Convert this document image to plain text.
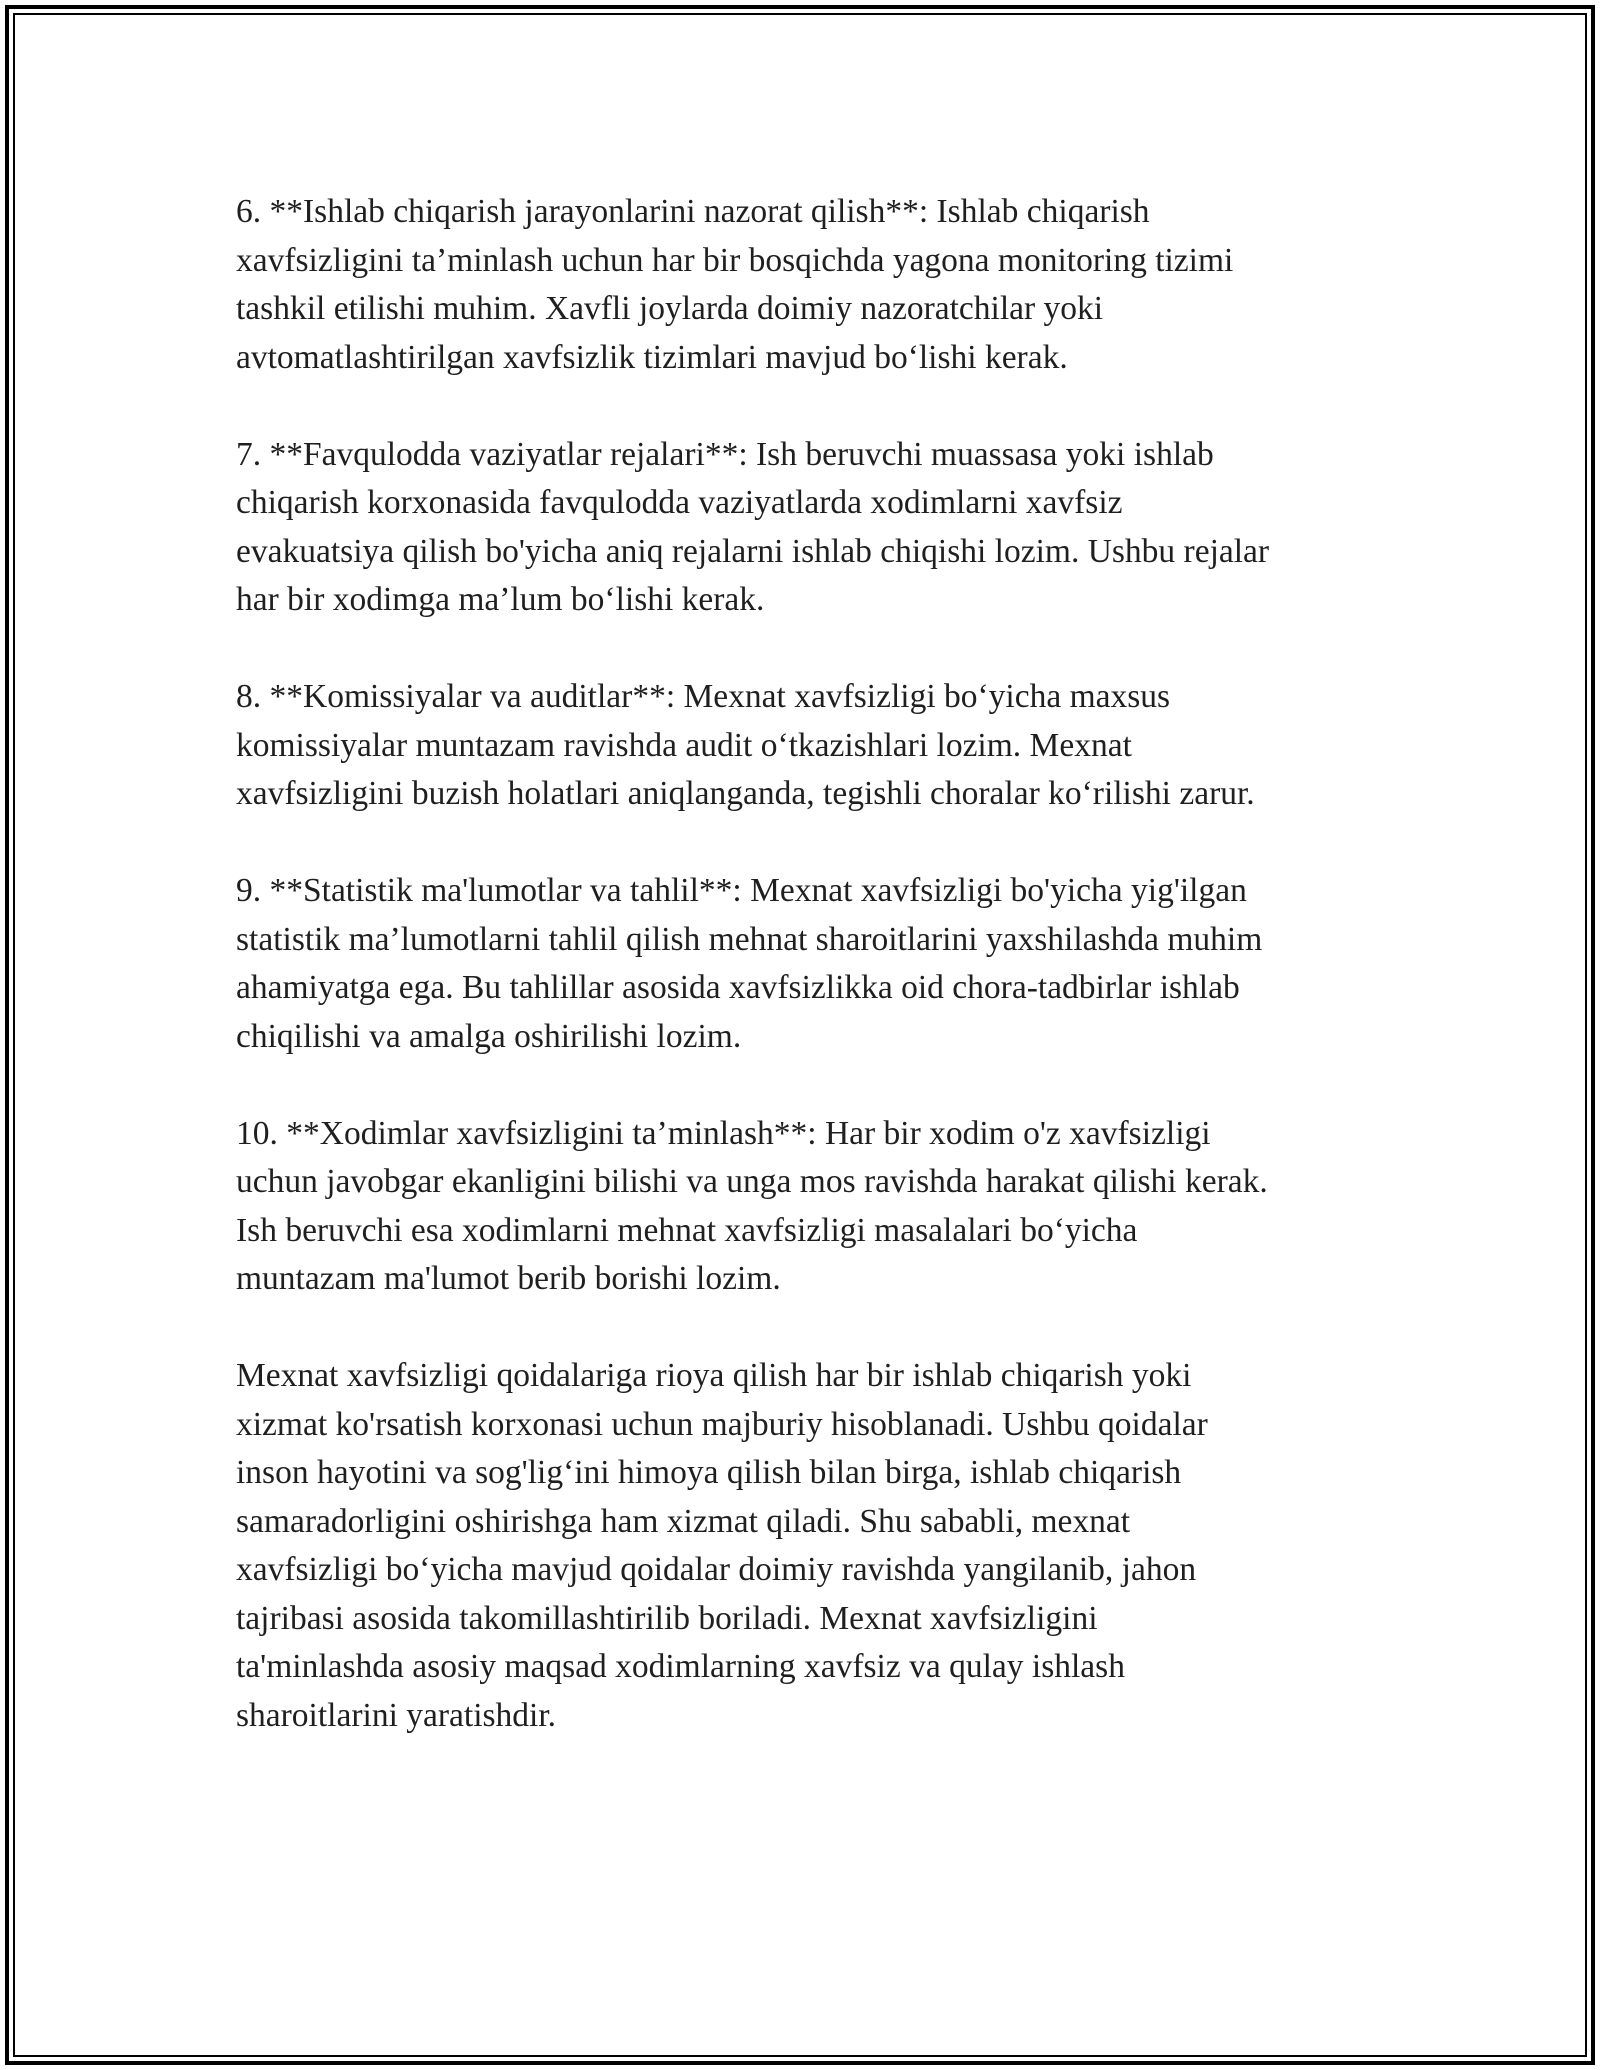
6. **Ishlab chiqarish jarayonlarini nazorat qilish**: Ishlab chiqarish
xavfsizligini ta’minlash uchun har bir bosqichda yagona monitoring tizimi
tashkil etilishi muhim. Xavfli joylarda doimiy nazoratchilar yoki
avtomatlashtirilgan xavfsizlik tizimlari mavjud bo‘lishi kerak.

7. **Favqulodda vaziyatlar rejalari**: Ish beruvchi muassasa yoki ishlab
chiqarish korxonasida favqulodda vaziyatlarda xodimlarni xavfsiz
evakuatsiya qilish bo'yicha aniq rejalarni ishlab chiqishi lozim. Ushbu rejalar
har bir xodimga ma’lum bo‘lishi kerak.

8. **Komissiyalar va auditlar**: Mexnat xavfsizligi bo‘yicha maxsus
komissiyalar muntazam ravishda audit o‘tkazishlari lozim. Mexnat
xavfsizligini buzish holatlari aniqlanganda, tegishli choralar ko‘rilishi zarur.

9. **Statistik ma'lumotlar va tahlil**: Mexnat xavfsizligi bo'yicha yig'ilgan
statistik ma’lumotlarni tahlil qilish mehnat sharoitlarini yaxshilashda muhim
ahamiyatga ega. Bu tahlillar asosida xavfsizlikka oid chora-tadbirlar ishlab
chiqilishi va amalga oshirilishi lozim.

10. **Xodimlar xavfsizligini ta’minlash**: Har bir xodim o'z xavfsizligi
uchun javobgar ekanligini bilishi va unga mos ravishda harakat qilishi kerak.
Ish beruvchi esa xodimlarni mehnat xavfsizligi masalalari bo‘yicha
muntazam ma'lumot berib borishi lozim.

Mexnat xavfsizligi qoidalariga rioya qilish har bir ishlab chiqarish yoki
xizmat ko'rsatish korxonasi uchun majburiy hisoblanadi. Ushbu qoidalar
inson hayotini va sog'lig‘ini himoya qilish bilan birga, ishlab chiqarish
samaradorligini oshirishga ham xizmat qiladi. Shu sababli, mexnat
xavfsizligi bo‘yicha mavjud qoidalar doimiy ravishda yangilanib, jahon
tajribasi asosida takomillashtirilib boriladi. Mexnat xavfsizligini
ta'minlashda asosiy maqsad xodimlarning xavfsiz va qulay ishlash
sharoitlarini yaratishdir.
